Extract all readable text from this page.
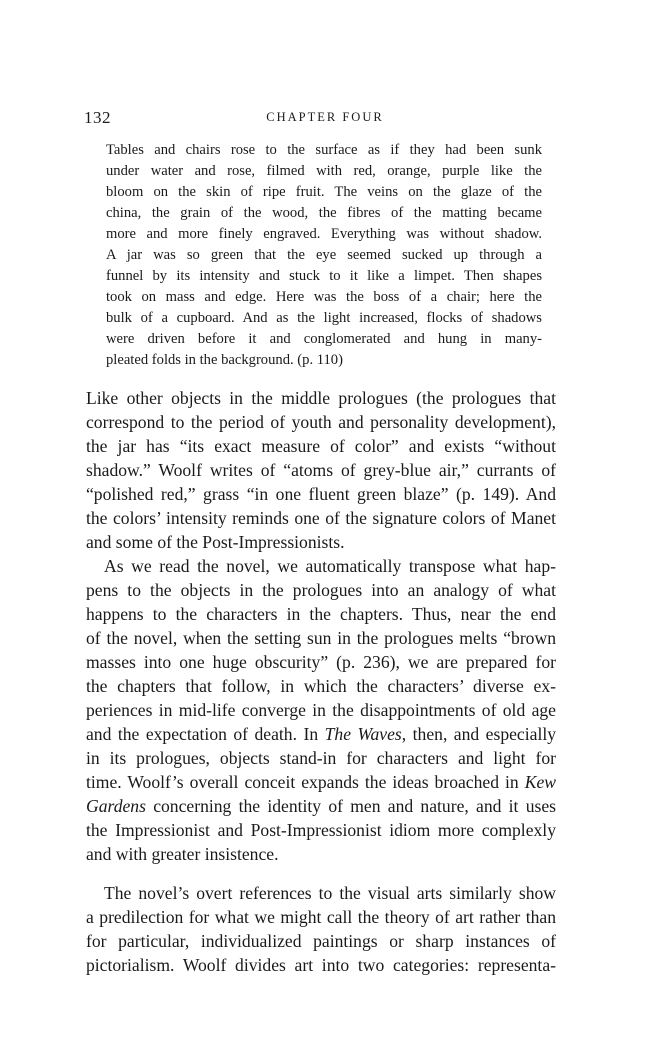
132	CHAPTER FOUR
Tables and chairs rose to the surface as if they had been sunk
under water and rose, filmed with red, orange, purple like the
bloom on the skin of ripe fruit. The veins on the glaze of the
china, the grain of the wood, the fibres of the matting became
more and more finely engraved. Everything was without shadow.
A jar was so green that the eye seemed sucked up through a
funnel by its intensity and stuck to it like a limpet. Then shapes
took on mass and edge. Here was the boss of a chair; here the
bulk of a cupboard. And as the light increased, flocks of shadows
were driven before it and conglomerated and hung in many-
pleated folds in the background. (p. 110)
Like other objects in the middle prologues (the prologues that
correspond to the period of youth and personality development),
the jar has “its exact measure of color” and exists “without
shadow.” Woolf writes of “atoms of grey-blue air,” currants of
“polished red,” grass “in one fluent green blaze” (p. 149). And
the colors’ intensity reminds one of the signature colors of Manet
and some of the Post-Impressionists.
As we read the novel, we automatically transpose what hap-
pens to the objects in the prologues into an analogy of what
happens to the characters in the chapters. Thus, near the end
of the novel, when the setting sun in the prologues melts “brown
masses into one huge obscurity” (p. 236), we are prepared for
the chapters that follow, in which the characters’ diverse ex-
periences in mid-life converge in the disappointments of old age
and the expectation of death. In The Waves, then, and especially
in its prologues, objects stand-in for characters and light for
time. Woolf’s overall conceit expands the ideas broached in Kew
Gardens concerning the identity of men and nature, and it uses
the Impressionist and Post-Impressionist idiom more complexly
and with greater insistence.
The novel’s overt references to the visual arts similarly show
a predilection for what we might call the theory of art rather than
for particular, individualized paintings or sharp instances of
pictorialism. Woolf divides art into two categories: representa-
